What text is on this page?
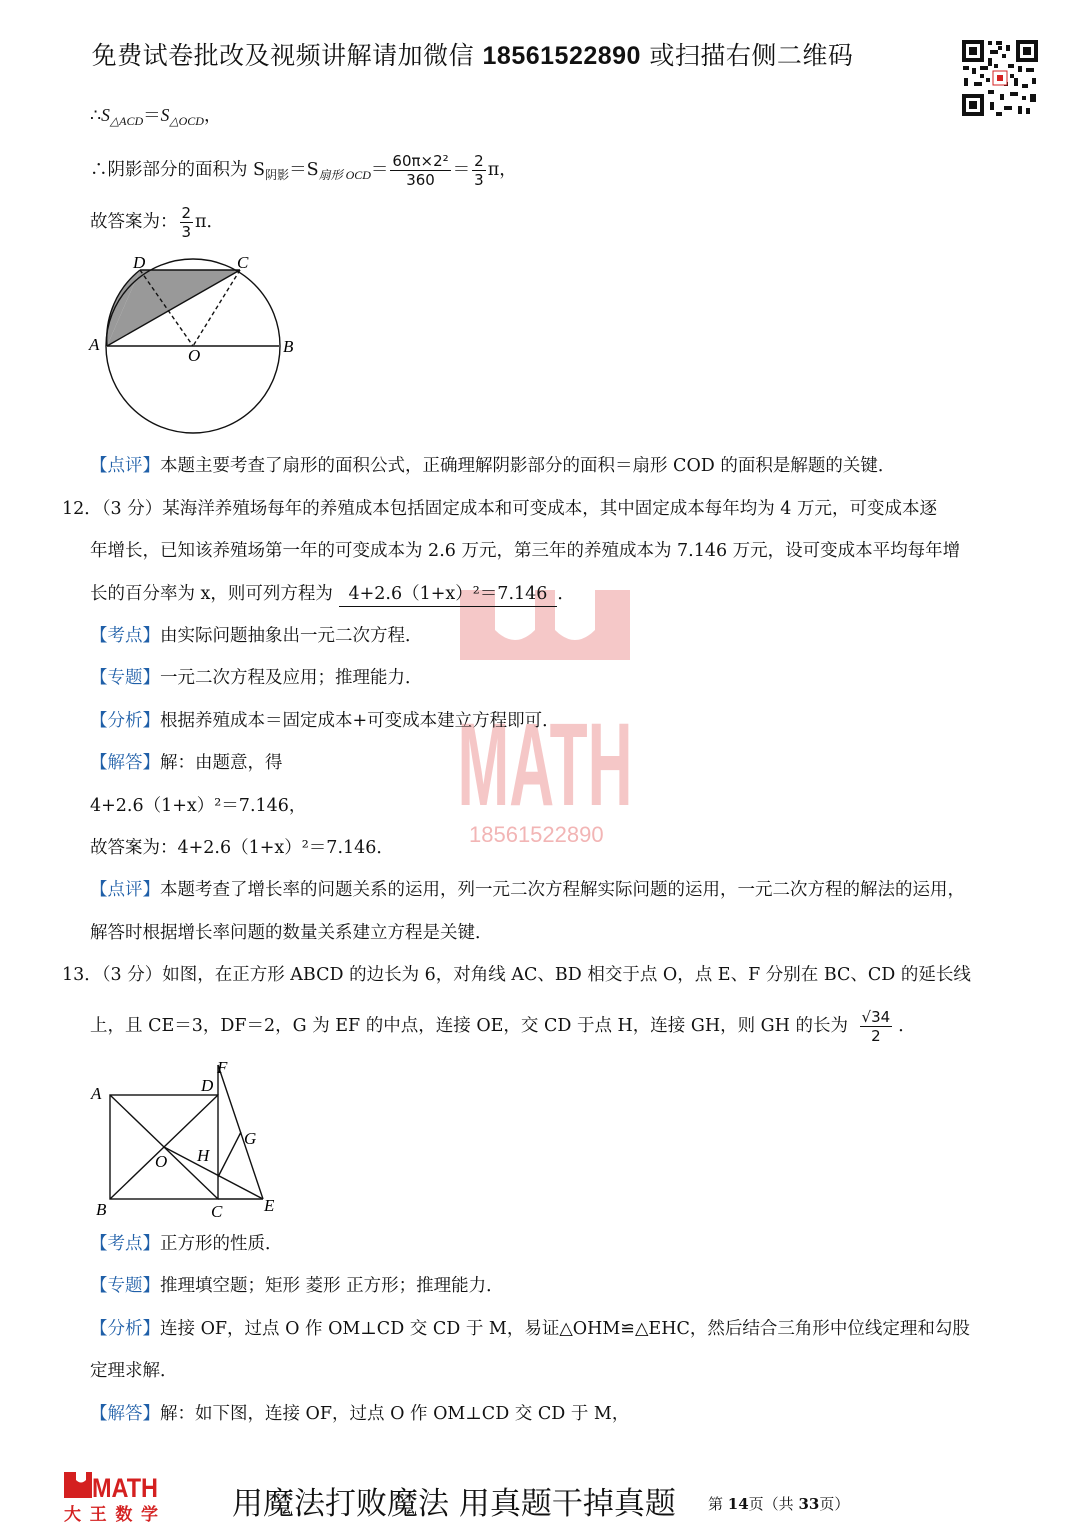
免费试卷批改及视频讲解请加微信 18561522890 或扫描右侧二维码
MATH
18561522890
$\therefore S_{\triangle ACD}=S_{\triangle OCD}$，
∴阴影部分的面积为 $S_{阴影}=S_{扇形 OCD}= \frac{\text{60π×2²}}{360} = \frac{2}{3}$ π，
故答案为： $\frac{2}{3}$ π．
D	C
A
O	B
【点评】本题主要考查了扇形的面积公式，正确理解阴影部分的面积＝扇形 COD 的面积是解题的关键．
12．（3 分）某海洋养殖场每年的养殖成本包括固定成本和可变成本，其中固定成本每年均为 4 万元，可变成本逐
年增长，已知该养殖场第一年的可变成本为 2.6 万元，第三年的养殖成本为 7.146 万元，设可变成本平均每年增
长的百分率为 x，则可列方程为 4+2.6（1+x）²＝7.146 ．
【考点】由实际问题抽象出一元二次方程．
【专题】一元二次方程及应用；推理能力．
【分析】根据养殖成本＝固定成本+可变成本建立方程即可．
【解答】解：由题意，得
4+2.6（1+x）²＝7.146，
故答案为：4+2.6（1+x）²＝7.146．
【点评】本题考查了增长率的问题关系的运用，列一元二次方程解实际问题的运用，一元二次方程的解法的运用，
解答时根据增长率问题的数量关系建立方程是关键．
13．（3 分）如图，在正方形 ABCD 的边长为 6，对角线 AC、BD 相交于点 O，点 E、F 分别在 BC、CD 的延长线
上，且 CE＝3，DF＝2，G 为 EF 的中点，连接 OE，交 CD 于点 H，连接 GH，则 GH 的长为 $\frac{√34}{2}$ ．
A	D
F
G
O H
B	C E
【考点】正方形的性质．
【专题】推理填空题；矩形 菱形 正方形；推理能力．
【分析】连接 OF，过点 O 作 OM⊥CD 交 CD 于 M，易证△OHM≌△EHC，然后结合三角形中位线定理和勾股
定理求解．
【解答】解：如下图，连接 OF，过点 O 作 OM⊥CD 交 CD 于 M，
MATH
大王数学 用魔法打败魔法 用真题干掉真题 第 14页（共 33页）
